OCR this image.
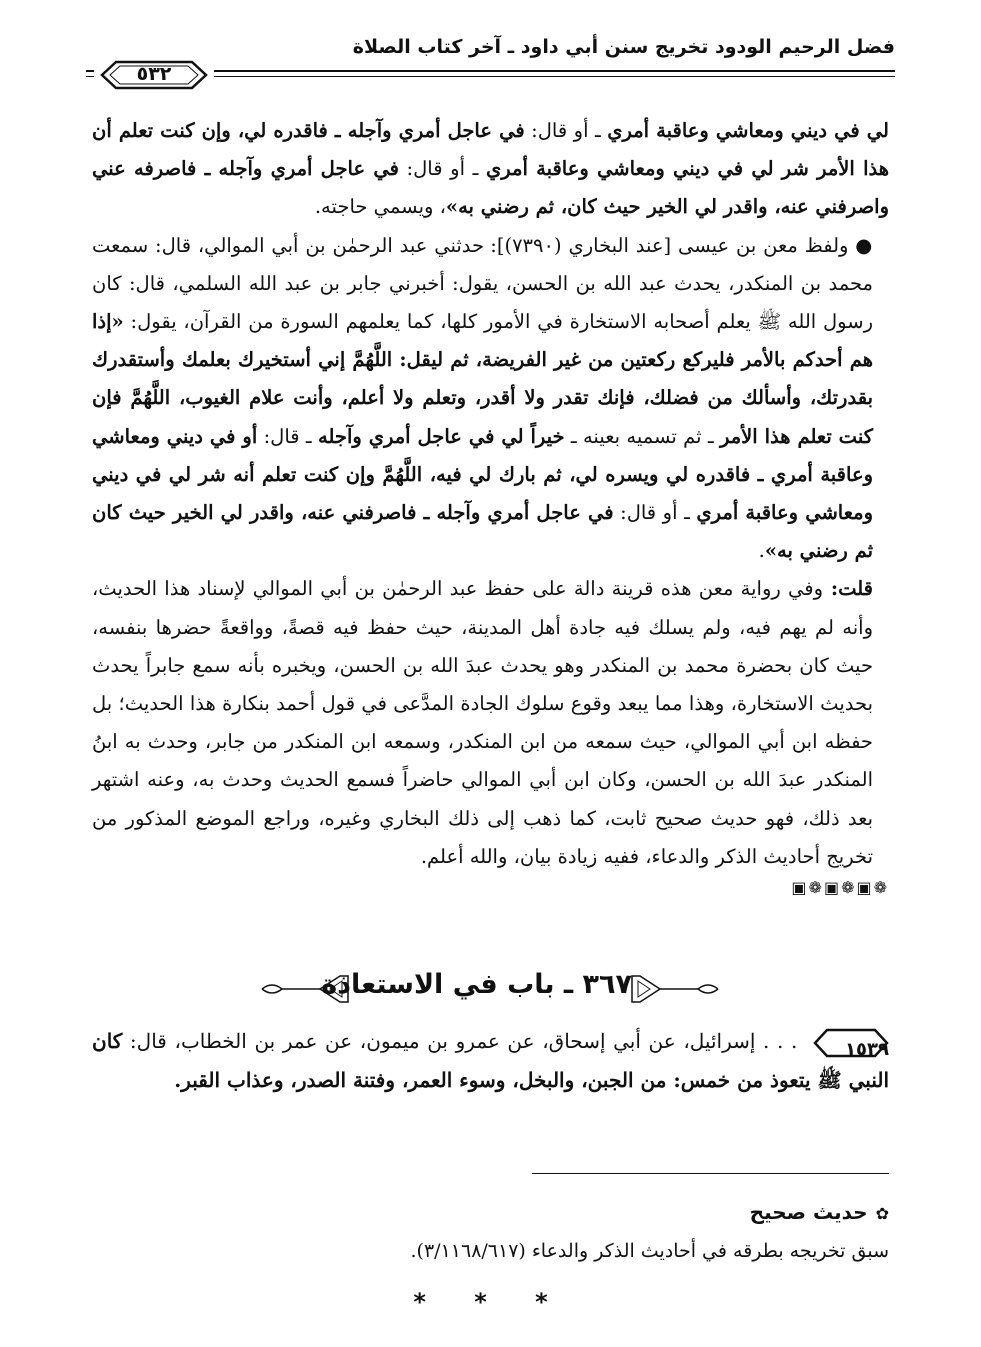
فضل الرحيم الودود تخريج سنن أبي داود ـ آخر كتاب الصلاة
٥٣٢

لي في ديني ومعاشي وعاقبة أمري ـ أو قال: في عاجل أمري وآجله ـ فاقدره لي، وإن كنت تعلم أن هذا الأمر شر لي في ديني ومعاشي وعاقبة أمري ـ أو قال: في عاجل أمري وآجله ـ فاصرفه عني واصرفني عنه، واقدر لي الخير حيث كان، ثم رضني به»، ويسمي حاجته.

● ولفظ معن بن عيسى [عند البخاري (٧٣٩٠)]: حدثني عبد الرحمٰن بن أبي الموالي، قال: سمعت محمد بن المنكدر، يحدث عبد الله بن الحسن، يقول: أخبرني جابر بن عبد الله السلمي، قال: كان رسول الله ﷺ يعلم أصحابه الاستخارة في الأمور كلها، كما يعلمهم السورة من القرآن، يقول: «إذا هم أحدكم بالأمر فليركع ركعتين من غير الفريضة، ثم ليقل: اللَّهُمَّ إني أستخيرك بعلمك وأستقدرك بقدرتك، وأسألك من فضلك، فإنك تقدر ولا أقدر، وتعلم ولا أعلم، وأنت علام الغيوب، اللَّهُمَّ فإن كنت تعلم هذا الأمر ـ ثم تسميه بعينه ـ خيراً لي في عاجل أمري وآجله ـ قال: أو في ديني ومعاشي وعاقبة أمري ـ فاقدره لي ويسره لي، ثم بارك لي فيه، اللَّهُمَّ وإن كنت تعلم أنه شر لي في ديني ومعاشي وعاقبة أمري ـ أو قال: في عاجل أمري وآجله ـ فاصرفني عنه، واقدر لي الخير حيث كان ثم رضني به».

قلت: وفي رواية معن هذه قرينة دالة على حفظ عبد الرحمٰن بن أبي الموالي لإسناد هذا الحديث، وأنه لم يهم فيه، ولم يسلك فيه جادة أهل المدينة، حيث حفظ فيه قصةً، وواقعةً حضرها بنفسه، حيث كان بحضرة محمد بن المنكدر وهو يحدث عبدَ الله بن الحسن، ويخبره بأنه سمع جابراً يحدث بحديث الاستخارة، وهذا مما يبعد وقوع سلوك الجادة المدَّعى في قول أحمد بنكارة هذا الحديث؛ بل حفظه ابن أبي الموالي، حيث سمعه من ابن المنكدر، وسمعه ابن المنكدر من جابر، وحدث به ابنُ المنكدر عبدَ الله بن الحسن، وكان ابن أبي الموالي حاضراً فسمع الحديث وحدث به، وعنه اشتهر بعد ذلك، فهو حديث صحيح ثابت، كما ذهب إلى ذلك البخاري وغيره، وراجع الموضع المذكور من تخريج أحاديث الذكر والدعاء، ففيه زيادة بيان، والله أعلم.

❁▣❁▣❁▣
٣٦٧ ـ باب في الاستعاذة
١٥٣٩
. . . إسرائيل، عن أبي إسحاق، عن عمرو بن ميمون، عن عمر بن الخطاب، قال: كان النبي ﷺ يتعوذ من خمس: من الجبن، والبخل، وسوء العمر، وفتنة الصدر، وعذاب القبر.
✿حديث صحيح
سبق تخريجه بطرقه في أحاديث الذكر والدعاء (٣/١١٦٨/٦١٧).
* * *
